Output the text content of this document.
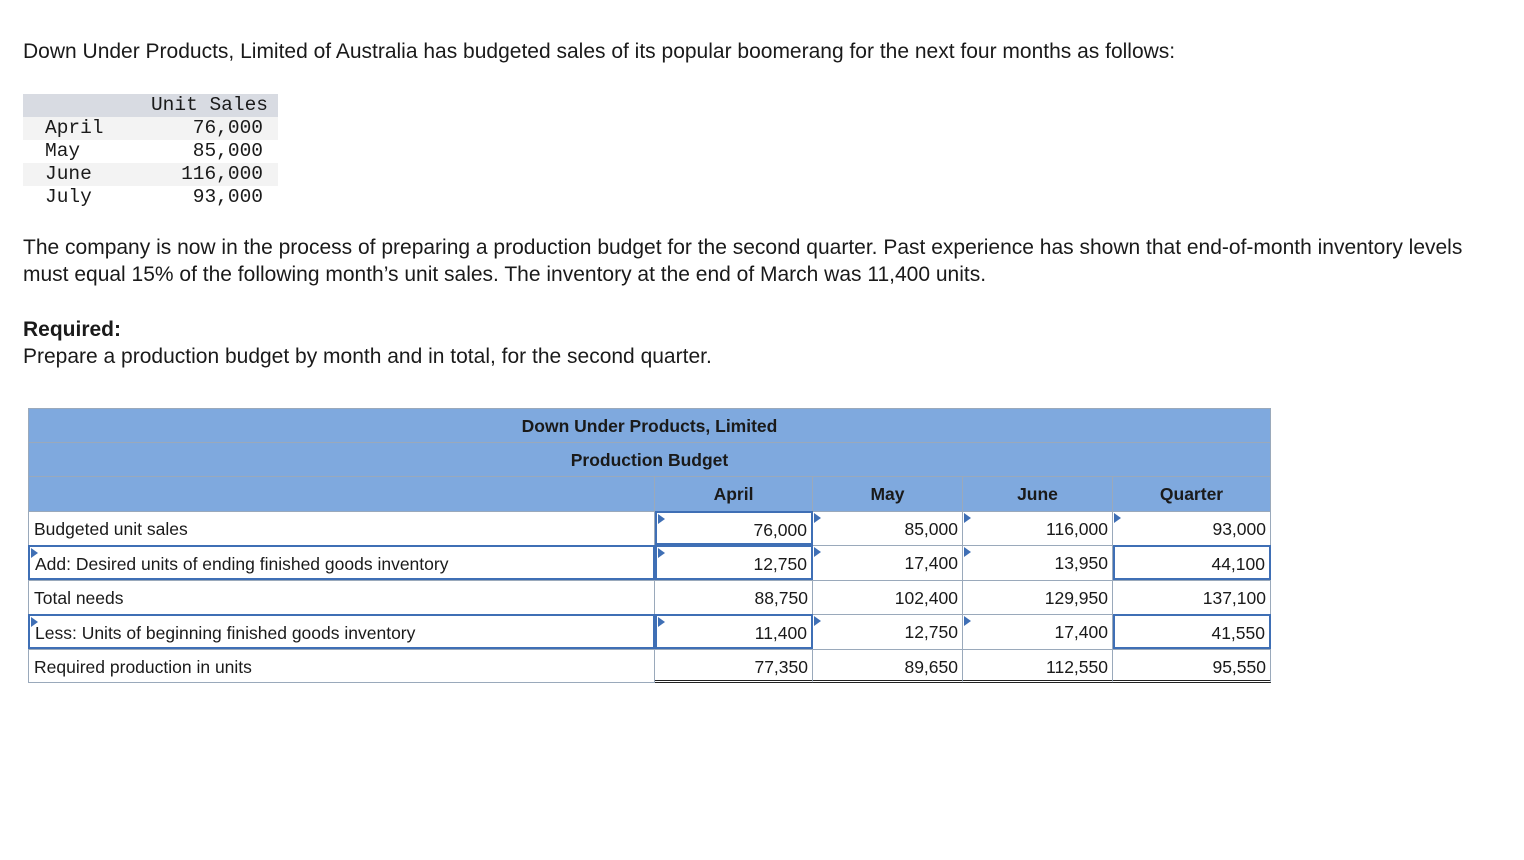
Down Under Products, Limited of Australia has budgeted sales of its popular boomerang for the next four months as follows:

Unit Sales
April	76,000
May	85,000
June	116,000
July	93,000

The company is now in the process of preparing a production budget for the second quarter. Past experience has shown that end-of-month inventory levels must equal 15% of the following month’s unit sales. The inventory at the end of March was 11,400 units.

Required:

Prepare a production budget by month and in total, for the second quarter.

Down Under Products, Limited
Production Budget
April	May	June	Quarter
Budgeted unit sales	76,000	85,000	116,000	93,000
Add: Desired units of ending finished goods inventory	12,750	17,400	13,950	44,100
Total needs	88,750	102,400	129,950	137,100
Less: Units of beginning finished goods inventory	11,400	12,750	17,400	41,550
Required production in units	77,350	89,650	112,550	95,550
